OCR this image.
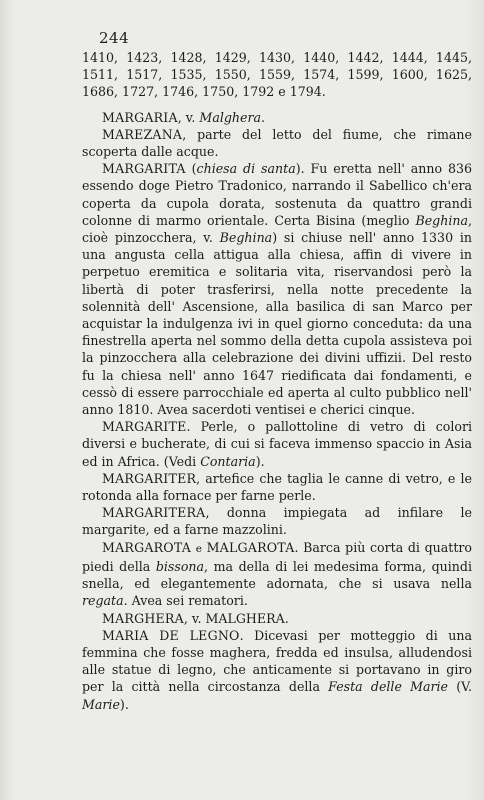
244

1410, 1423, 1428, 1429, 1430, 1440, 1442, 1444, 1445, 1511, 1517, 1535, 1550, 1559, 1574, 1599, 1600, 1625, 1686, 1727, 1746, 1750, 1792 e 1794.

MARGARIA, v. Malghera.

MAREZANA, parte del letto del fiume, che rimane scoperta dalle acque.

MARGARITA (chiesa di santa). Fu eretta nell' anno 836 essendo doge Pietro Tradonico, narrando il Sabellico ch'era coperta da cupola dorata, sostenuta da quattro grandi colonne di marmo orientale. Certa Bisina (meglio Beghina, cioè pinzocchera, v. Beghina) si chiuse nell' anno 1330 in una angusta cella attigua alla chiesa, affin di vivere in perpetuo eremitica e solitaria vita, riservandosi però la libertà di poter trasferirsi, nella notte precedente la solennità dell' Ascensione, alla basilica di san Marco per acquistar la indulgenza ivi in quel giorno conceduta: da una finestrella aperta nel sommo della detta cupola assisteva poi la pinzocchera alla celebrazione dei divini uffizii. Del resto fu la chiesa nell' anno 1647 riedificata dai fondamenti, e cessò di essere parrocchiale ed aperta al culto pubblico nell' anno 1810. Avea sacerdoti ventisei e cherici cinque.

MARGARITE. Perle, o pallottoline di vetro di colori diversi e bucherate, di cui si faceva immenso spaccio in Asia ed in Africa. (Vedi Contaria).

MARGARITER, artefice che taglia le canne di vetro, e le rotonda alla fornace per farne perle.

MARGARITERA, donna impiegata ad infilare le margarite, ed a farne mazzolini.

MARGAROTA e MALGAROTA. Barca più corta di quattro piedi della bissona, ma della di lei medesima forma, quindi snella, ed elegantemente adornata, che si usava nella regata. Avea sei rematori.

MARGHERA, v. MALGHERA.

MARIA DE LEGNO. Dicevasi per motteggio di una femmina che fosse maghera, fredda ed insulsa, alludendosi alle statue di legno, che anticamente si portavano in giro per la città nella circostanza della Festa delle Marie (V. Marie).
